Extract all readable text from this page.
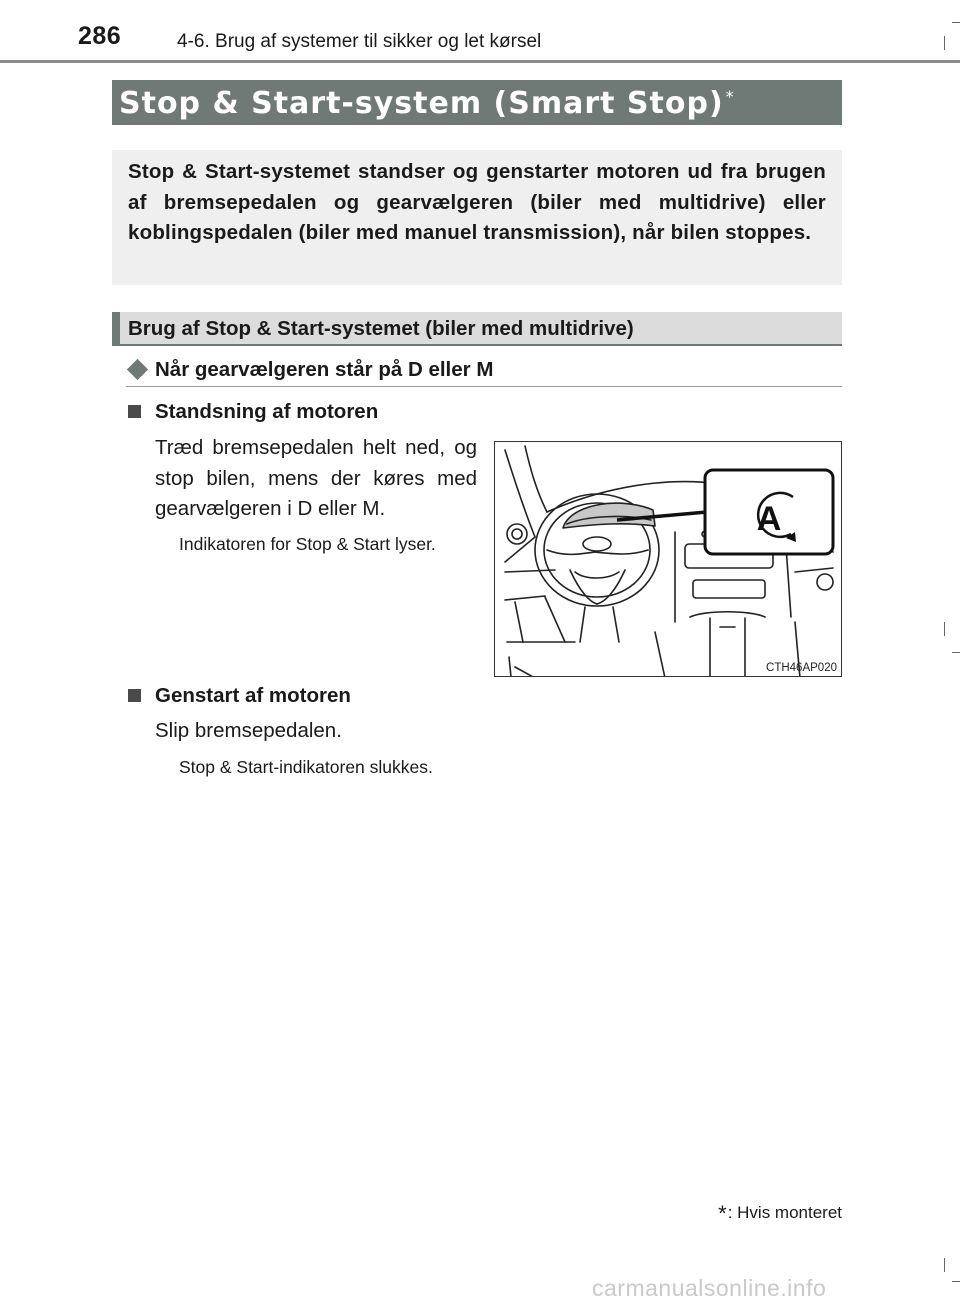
286	4-6. Brug af systemer til sikker og let kørsel
Stop & Start-system (Smart Stop) *
Stop & Start-systemet standser og genstarter motoren ud fra brugen af bremsepedalen og gearvælgeren (biler med multidrive) eller koblingspedalen (biler med manuel transmission), når bilen stoppes.
Brug af Stop & Start-systemet (biler med multidrive)
Når gearvælgeren står på D eller M
Standsning af motoren
Træd bremsepedalen helt ned, og stop bilen, mens der køres med gearvælgeren i D eller M.
Indikatoren for Stop & Start lyser.
A
CTH46AP020
Genstart af motoren
Slip bremsepedalen.
Stop & Start-indikatoren slukkes.
*: Hvis monteret
carmanualsonline.info
